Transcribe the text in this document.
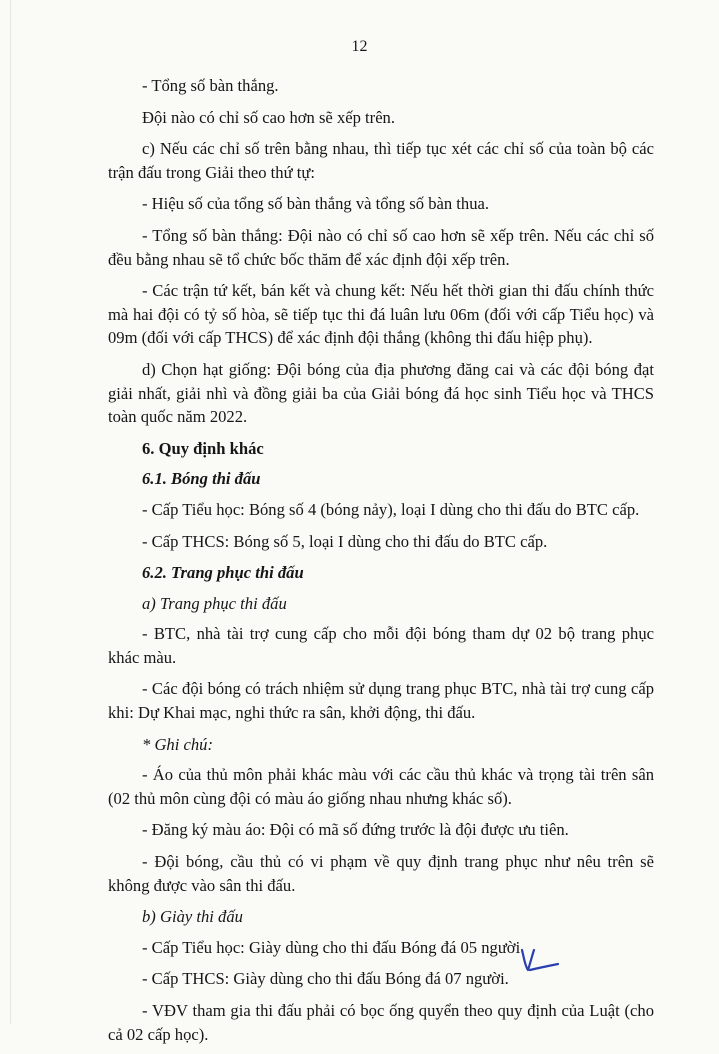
12
- Tổng số bàn thắng.
Đội nào có chỉ số cao hơn sẽ xếp trên.
c) Nếu các chỉ số trên bằng nhau, thì tiếp tục xét các chỉ số của toàn bộ các trận đấu trong Giải theo thứ tự:
- Hiệu số của tổng số bàn thắng và tổng số bàn thua.
- Tổng số bàn thắng: Đội nào có chỉ số cao hơn sẽ xếp trên. Nếu các chỉ số đều bằng nhau sẽ tổ chức bốc thăm để xác định đội xếp trên.
- Các trận tứ kết, bán kết và chung kết: Nếu hết thời gian thi đấu chính thức mà hai đội có tỷ số hòa, sẽ tiếp tục thi đá luân lưu 06m (đối với cấp Tiểu học) và 09m (đối với cấp THCS) để xác định đội thắng (không thi đấu hiệp phụ).
d) Chọn hạt giống: Đội bóng của địa phương đăng cai và các đội bóng đạt giải nhất, giải nhì và đồng giải ba của Giải bóng đá học sinh Tiểu học và THCS toàn quốc năm 2022.
6. Quy định khác
6.1. Bóng thi đấu
- Cấp Tiểu học: Bóng số 4 (bóng nảy), loại I dùng cho thi đấu do BTC cấp.
- Cấp THCS: Bóng số 5, loại I dùng cho thi đấu do BTC cấp.
6.2. Trang phục thi đấu
a) Trang phục thi đấu
- BTC, nhà tài trợ cung cấp cho mỗi đội bóng tham dự 02 bộ trang phục khác màu.
- Các đội bóng có trách nhiệm sử dụng trang phục BTC, nhà tài trợ cung cấp khi: Dự Khai mạc, nghi thức ra sân, khởi động, thi đấu.
* Ghi chú:
- Áo của thủ môn phải khác màu với các cầu thủ khác và trọng tài trên sân (02 thủ môn cùng đội có màu áo giống nhau nhưng khác số).
- Đăng ký màu áo: Đội có mã số đứng trước là đội được ưu tiên.
- Đội bóng, cầu thủ có vi phạm về quy định trang phục như nêu trên sẽ không được vào sân thi đấu.
b) Giày thi đấu
- Cấp Tiểu học: Giày dùng cho thi đấu Bóng đá 05 người.
- Cấp THCS: Giày dùng cho thi đấu Bóng đá 07 người.
- VĐV tham gia thi đấu phải có bọc ống quyển theo quy định của Luật (cho cả 02 cấp học).
